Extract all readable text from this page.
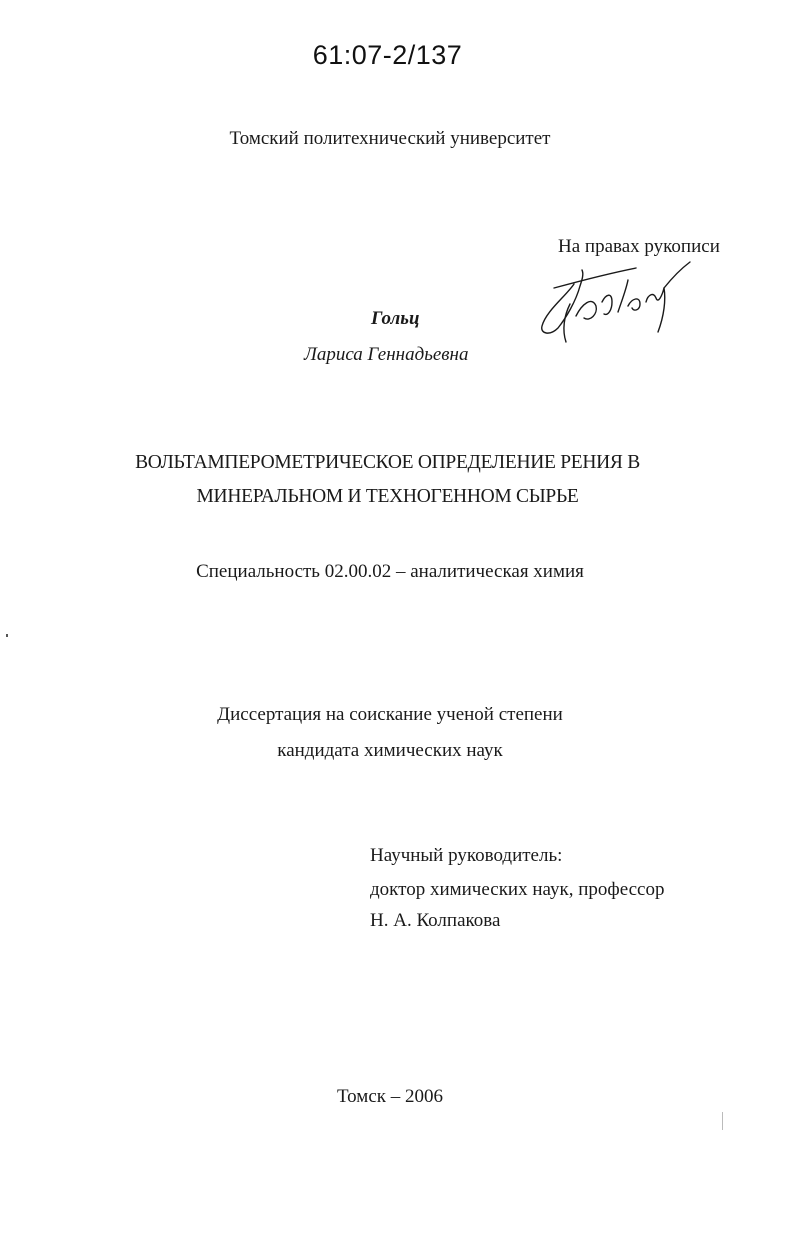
61:07-2/137
Томский политехнический университет
На правах рукописи
Гольц
Лариса Геннадьевна
ВОЛЬТАМПЕРОМЕТРИЧЕСКОЕ ОПРЕДЕЛЕНИЕ РЕНИЯ В
МИНЕРАЛЬНОМ И ТЕХНОГЕННОМ СЫРЬЕ
Специальность 02.00.02 – аналитическая химия
Диссертация на соискание ученой степени
кандидата химических наук
Научный руководитель:
доктор химических наук, профессор
Н. А. Колпакова
Томск – 2006
